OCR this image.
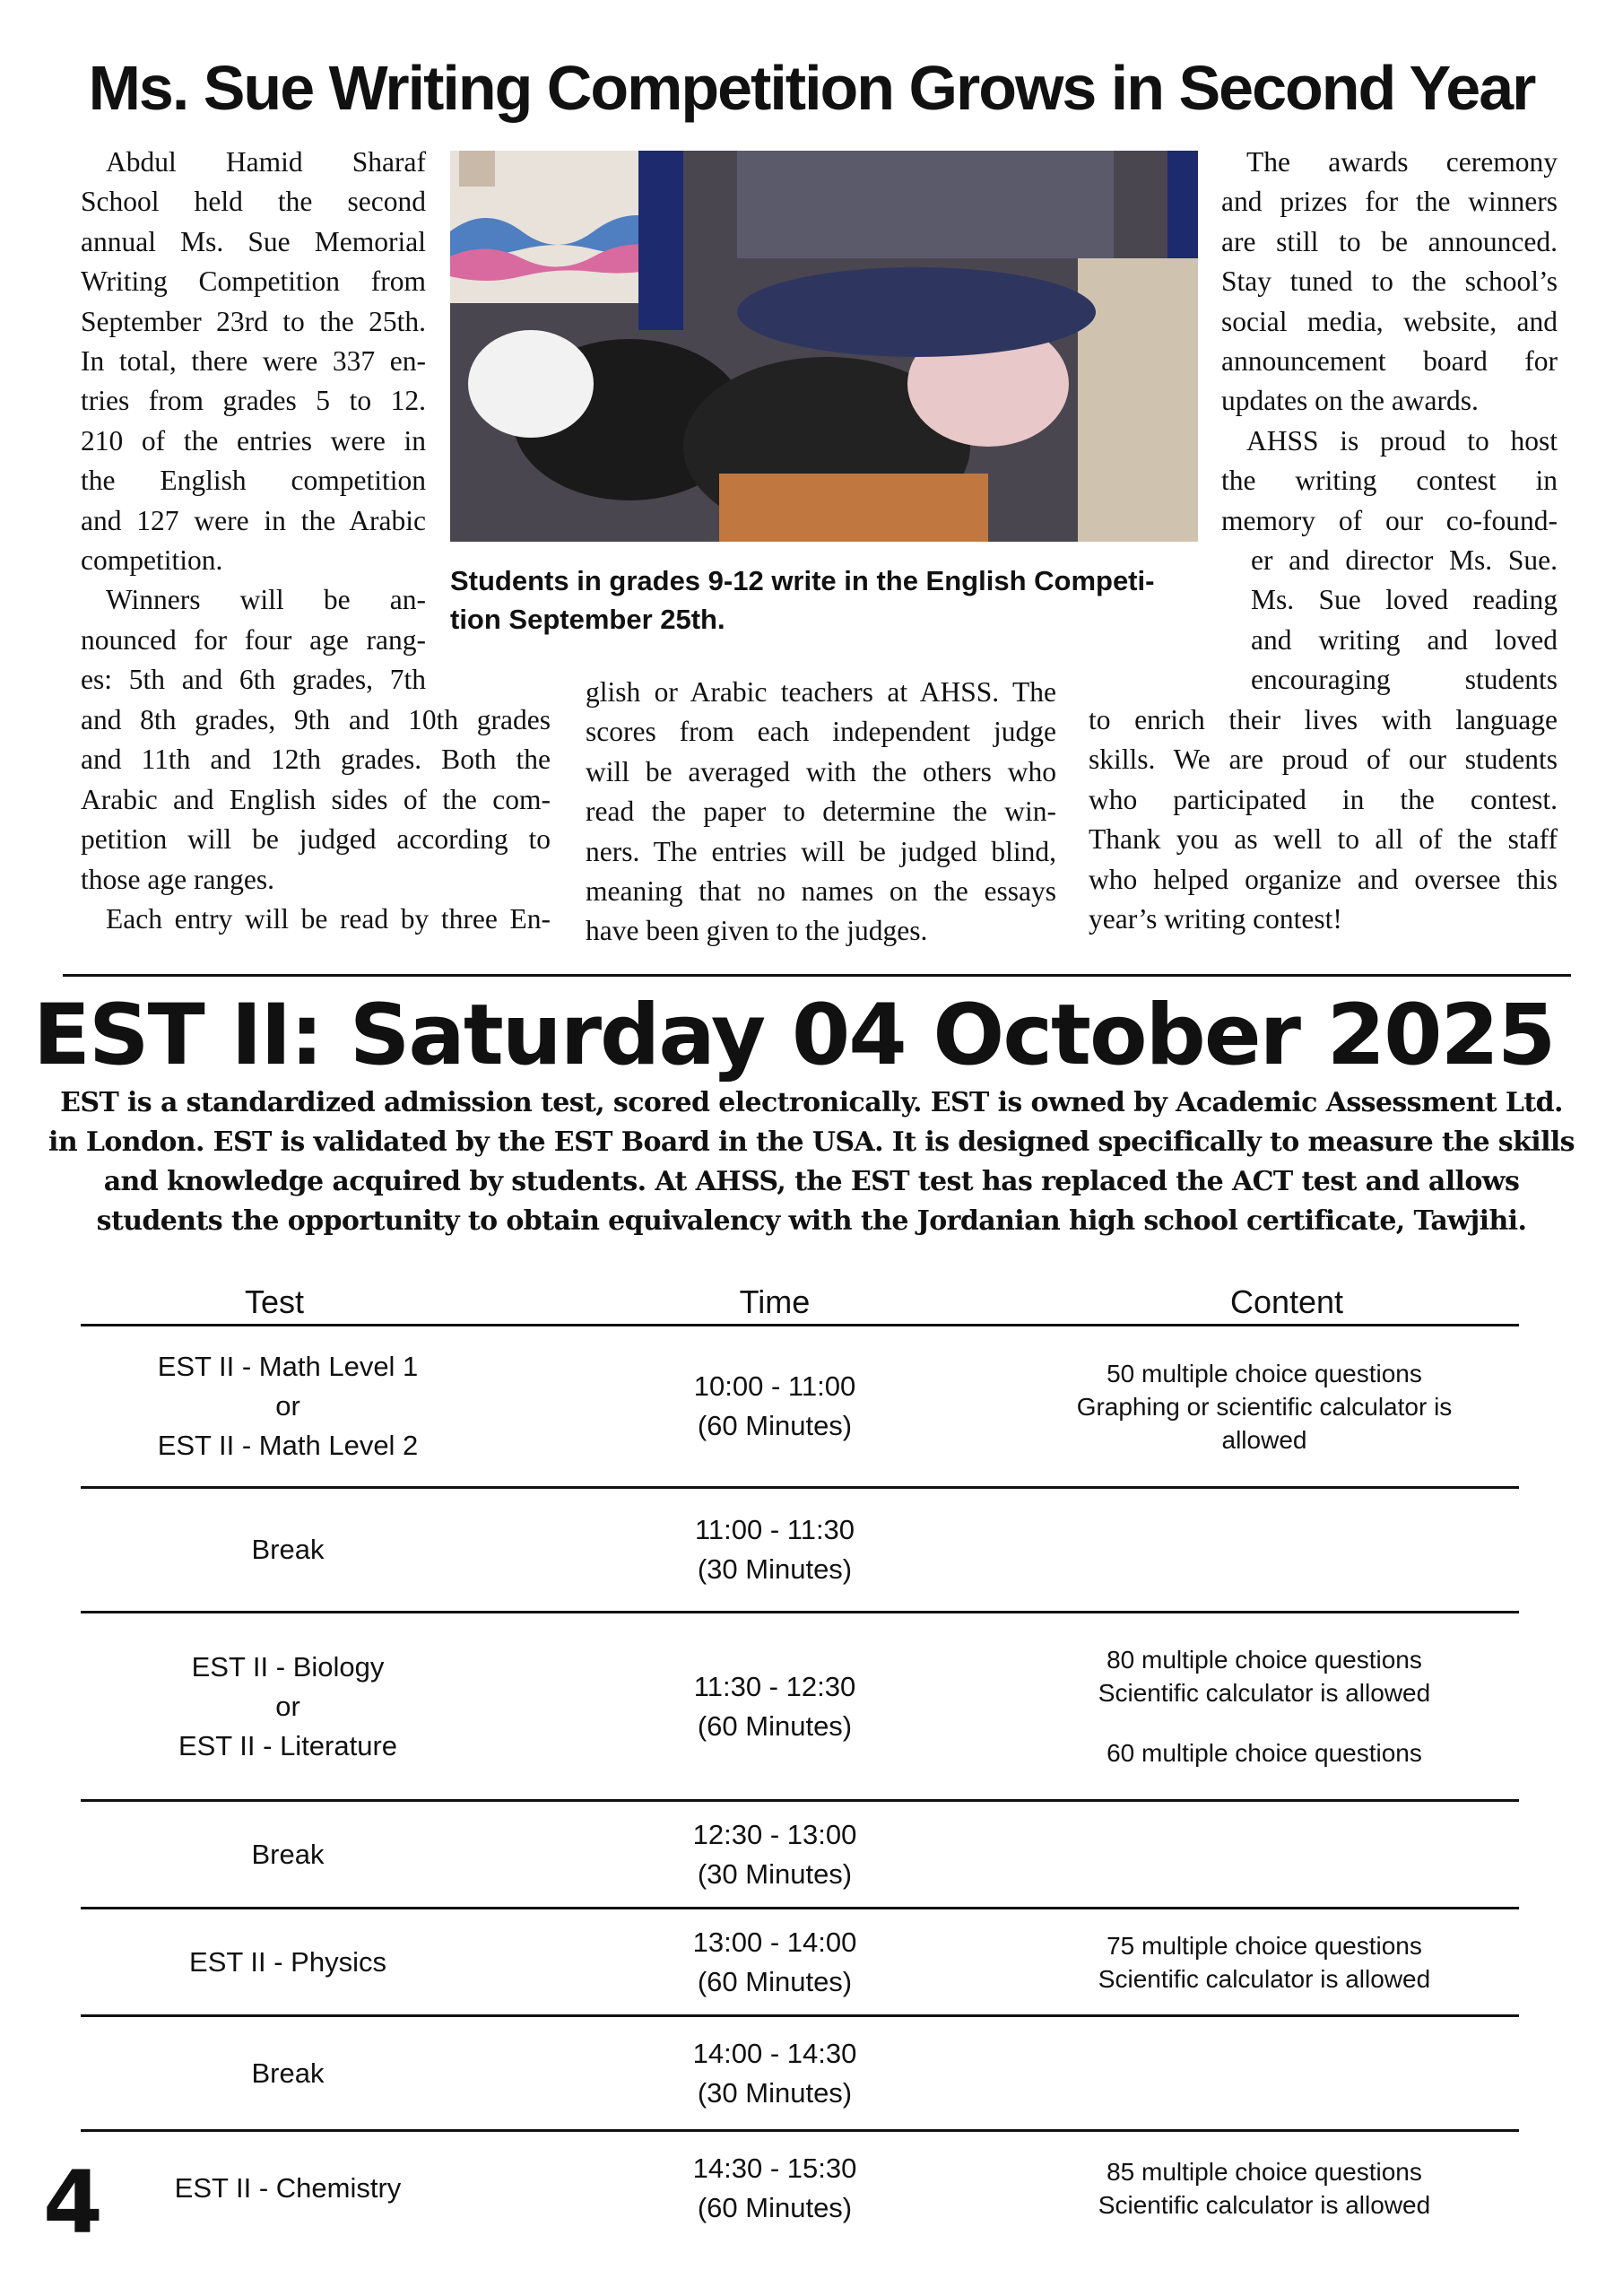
Ms. Sue Writing Competition Grows in Second Year
Abdul Hamid Sharaf
School held the second
annual Ms. Sue Memorial
Writing Competition from
September 23rd to the 25th.
In total, there were 337 en-
tries from grades 5 to 12.
210 of the entries were in
the English competition
and 127 were in the Arabic
competition.
Winners will be an-
nounced for four age rang-
es: 5th and 6th grades, 7th
and 8th grades, 9th and 10th grades
and 11th and 12th grades. Both the
Arabic and English sides of the com-
petition will be judged according to
those age ranges.
Each entry will be read by three En-
glish or Arabic teachers at AHSS. The
scores from each independent judge
will be averaged with the others who
read the paper to determine the win-
ners. The entries will be judged blind,
meaning that no names on the essays
have been given to the judges.
The awards ceremony
and prizes for the winners
are still to be announced.
Stay tuned to the school’s
social media, website, and
announcement board for
updates on the awards.
AHSS is proud to host
the writing contest in
memory of our co-found-
er and director Ms. Sue.
Ms. Sue loved reading
and writing and loved
encouraging students
to enrich their lives with language
skills. We are proud of our students
who participated in the contest.
Thank you as well to all of the staff
who helped organize and oversee this
year’s writing contest!
Students in grades 9-12 write in the English Competi-
tion September 25th.
EST II: Saturday 04 October 2025
EST is a standardized admission test, scored electronically. EST is owned by Academic Assessment Ltd. in London. EST is validated by the EST Board in the USA. It is designed specifically to measure the skills and knowledge acquired by students. At AHSS, the EST test has replaced the ACT test and allows students the opportunity to obtain equivalency with the Jordanian high school certificate, Tawjihi.
Test	Time	Content
EST II - Math Level 1
or
EST II - Math Level 2
10:00 - 11:00
(60 Minutes)
50 multiple choice questions
Graphing or scientific calculator is
allowed
Break
11:00 - 11:30
(30 Minutes)
EST II - Biology
or
EST II - Literature
11:30 - 12:30
(60 Minutes)
80 multiple choice questions
Scientific calculator is allowed
60 multiple choice questions
Break
12:30 - 13:00
(30 Minutes)
EST II - Physics
13:00 - 14:00
(60 Minutes)
75 multiple choice questions
Scientific calculator is allowed
Break
14:00 - 14:30
(30 Minutes)
EST II - Chemistry
14:30 - 15:30
(60 Minutes)
85 multiple choice questions
Scientific calculator is allowed
4
